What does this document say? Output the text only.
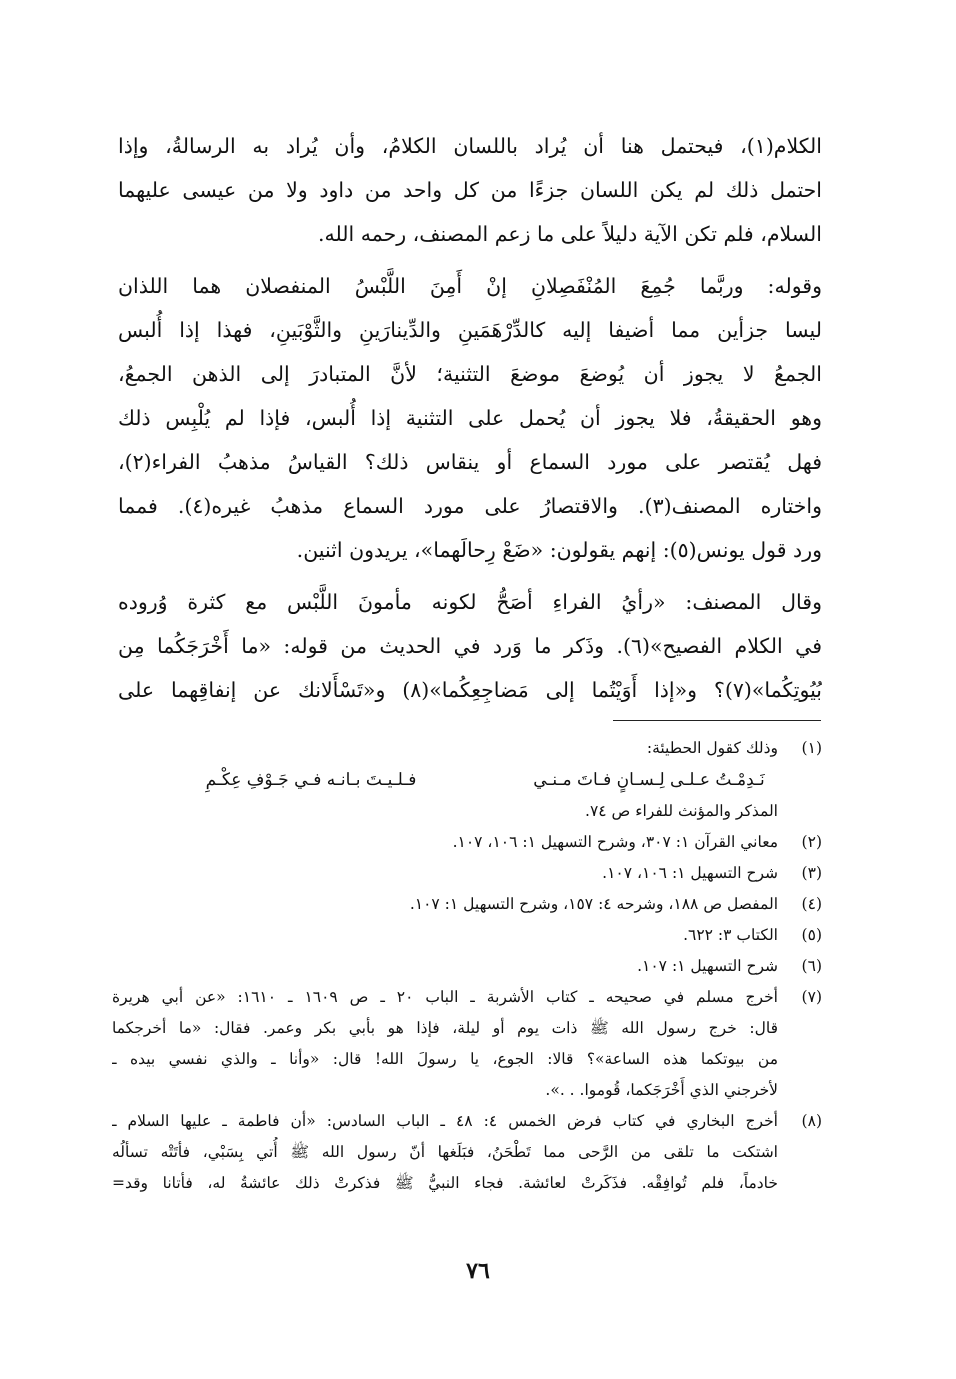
الكلام(١)، فيحتمل هنا أن يُراد باللسان الكلامُ، وأن يُراد به الرسالةُ، وإذا
احتمل ذلك لم يكن اللسان جزءًا من كل واحد من داود ولا من عيسى عليهما
السلام، فلم تكن الآية دليلاً على ما زعم المصنف، رحمه الله.
وقوله: وربَّما جُمِعَ المُنْفَصِلانِ إنْ أَمِنَ اللَّبْسُ المنفصلان هما اللذان
ليسا جزأين مما أضيفا إليه كالدِّرْهَمَينِ والدِّينارَينِ والثَّوْبَينِ، فهذا إذا أُلبس
الجمعُ لا يجوز أن يُوضعَ موضعَ التثنية؛ لأنَّ المتبادرَ إلى الذهن الجمعُ،
وهو الحقيقةُ، فلا يجوز أن يُحمل على التثنية إذا أُلبس، فإذا لم يُلْبِس ذلك
فهل يُقتصر على مورد السماع أو ينقاس ذلك؟ القياسُ مذهبُ الفراء(٢)،
واختاره المصنف(٣). والاقتصارُ على مورد السماع مذهبُ غيره(٤). فمما
ورد قول يونس(٥): إنهم يقولون: «ضَعْ رِحالَهما»، يريدون اثنين.
وقال المصنف: «رأيُ الفراءِ أصَحُّ لكونه مأمونَ اللَّبْس مع كثرة وُروده
في الكلام الفصيح»(٦). وذَكر ما وَرد في الحديث من قوله: «ما أَخْرَجَكُما مِن
بُيُوتِكُما»(٧)؟ و«إذا أَوَيْتُما إلى مَضاجِعِكُما»(٨) و«تَسْأَلانك عن إنفاقِهما على
(١)
وذلك كقول الحطيئة:
نَـدِمْـتُ عـلـى لِـسـانٍ فـاتَ مـنـي
فـلـيـتَ بـانـه فـي جَـوْفِ عِكْـمِ
المذكر والمؤنث للفراء ص ٧٤.
(٢)
معاني القرآن ١: ٣٠٧، وشرح التسهيل ١: ١٠٦، ١٠٧.
(٣)
شرح التسهيل ١: ١٠٦، ١٠٧.
(٤)
المفصل ص ١٨٨، وشرحه ٤: ١٥٧، وشرح التسهيل ١: ١٠٧.
(٥)
الكتاب ٣: ٦٢٢.
(٦)
شرح التسهيل ١: ١٠٧.
(٧)
أخرج مسلم في صحيحه ـ كتاب الأشربة ـ الباب ٢٠ ـ ص ١٦٠٩ ـ ١٦١٠: «عن أبي هريرة
قال: خرج رسول الله ﷺ ذات يوم أو ليلة، فإذا هو بأبي بكر وعمر. فقال: «ما أخرجكما
من بيوتكما هذه الساعة»؟ قالا: الجوع، يا رسولَ الله! قال: «وأنا ـ والذي نفسي بيده ـ
لأخرجني الذي أَخْرَجَكما، قُوموا. . .».
(٨)
أخرج البخاري في كتاب فرض الخمس ٤: ٤٨ ـ الباب السادس: «أن فاطمة ـ عليها السلام ـ
اشتكت ما تلقى من الرَّحى مما تَطْحَنُ، فبَلَغها أنّ رسول الله ﷺ أُتي بِسَبْي، فأتَتْه تسألُه
خادماً، فلم تُوافِقْه. فذَكَرتْ لعائشة. فجاء النبيُّ ﷺ فذكرتْ ذلك عائشةُ له، فأتانا وقد=
٧٦
